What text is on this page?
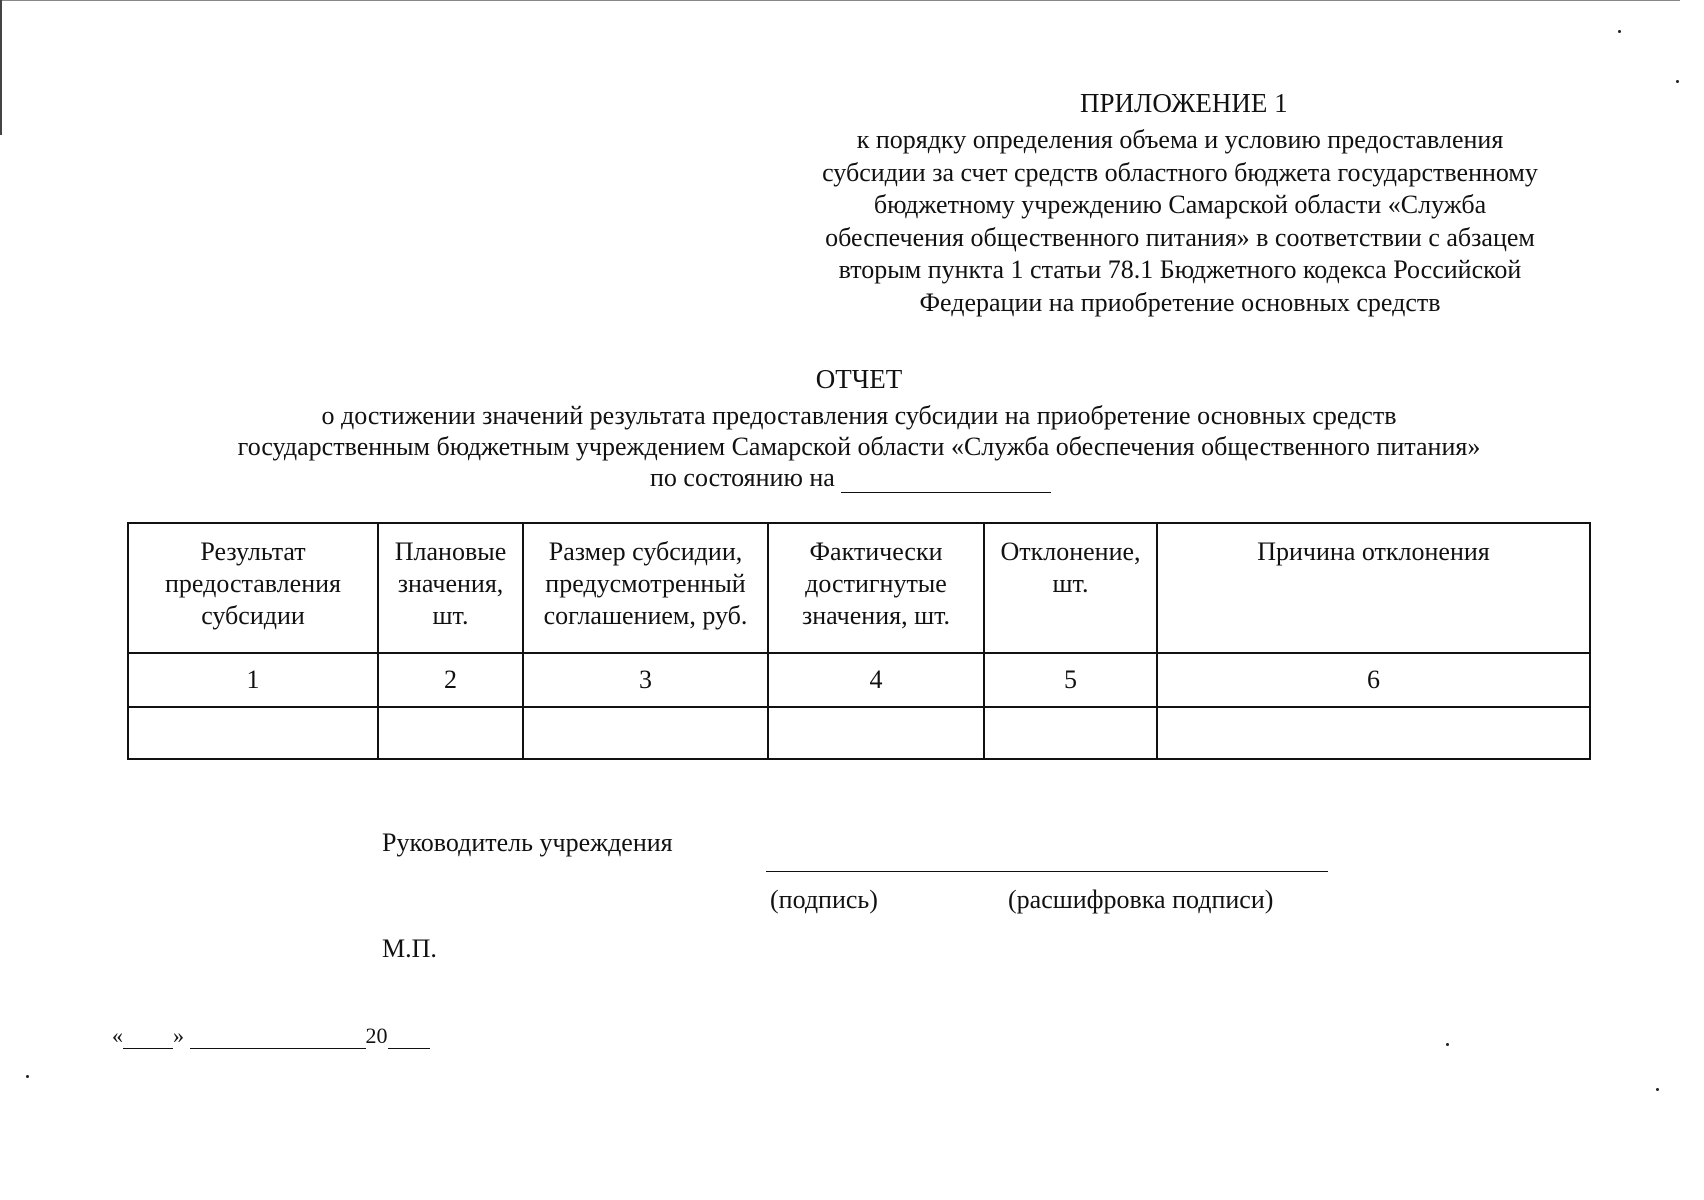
ПРИЛОЖЕНИЕ 1
к порядку определения объема и условию предоставления
субсидии за счет средств областного бюджета государственному
бюджетному учреждению Самарской области «Служба
обеспечения общественного питания» в соответствии с абзацем
вторым пункта 1 статьи 78.1 Бюджетного кодекса Российской
Федерации на приобретение основных средств
ОТЧЕТ
о достижении значений результата предоставления субсидии на приобретение основных средств
государственным бюджетным учреждением Самарской области «Служба обеспечения общественного питания»
по состоянию на
Результат предоставления субсидии	Плановые значения, шт.	Размер субсидии, предусмотренный соглашением, руб.	Фактически достигнутые значения, шт.	Отклонение, шт.	Причина отклонения
1	2	3	4	5	6

Руководитель учреждения
(подпись)	(расшифровка подписи)
М.П.
« »	20
